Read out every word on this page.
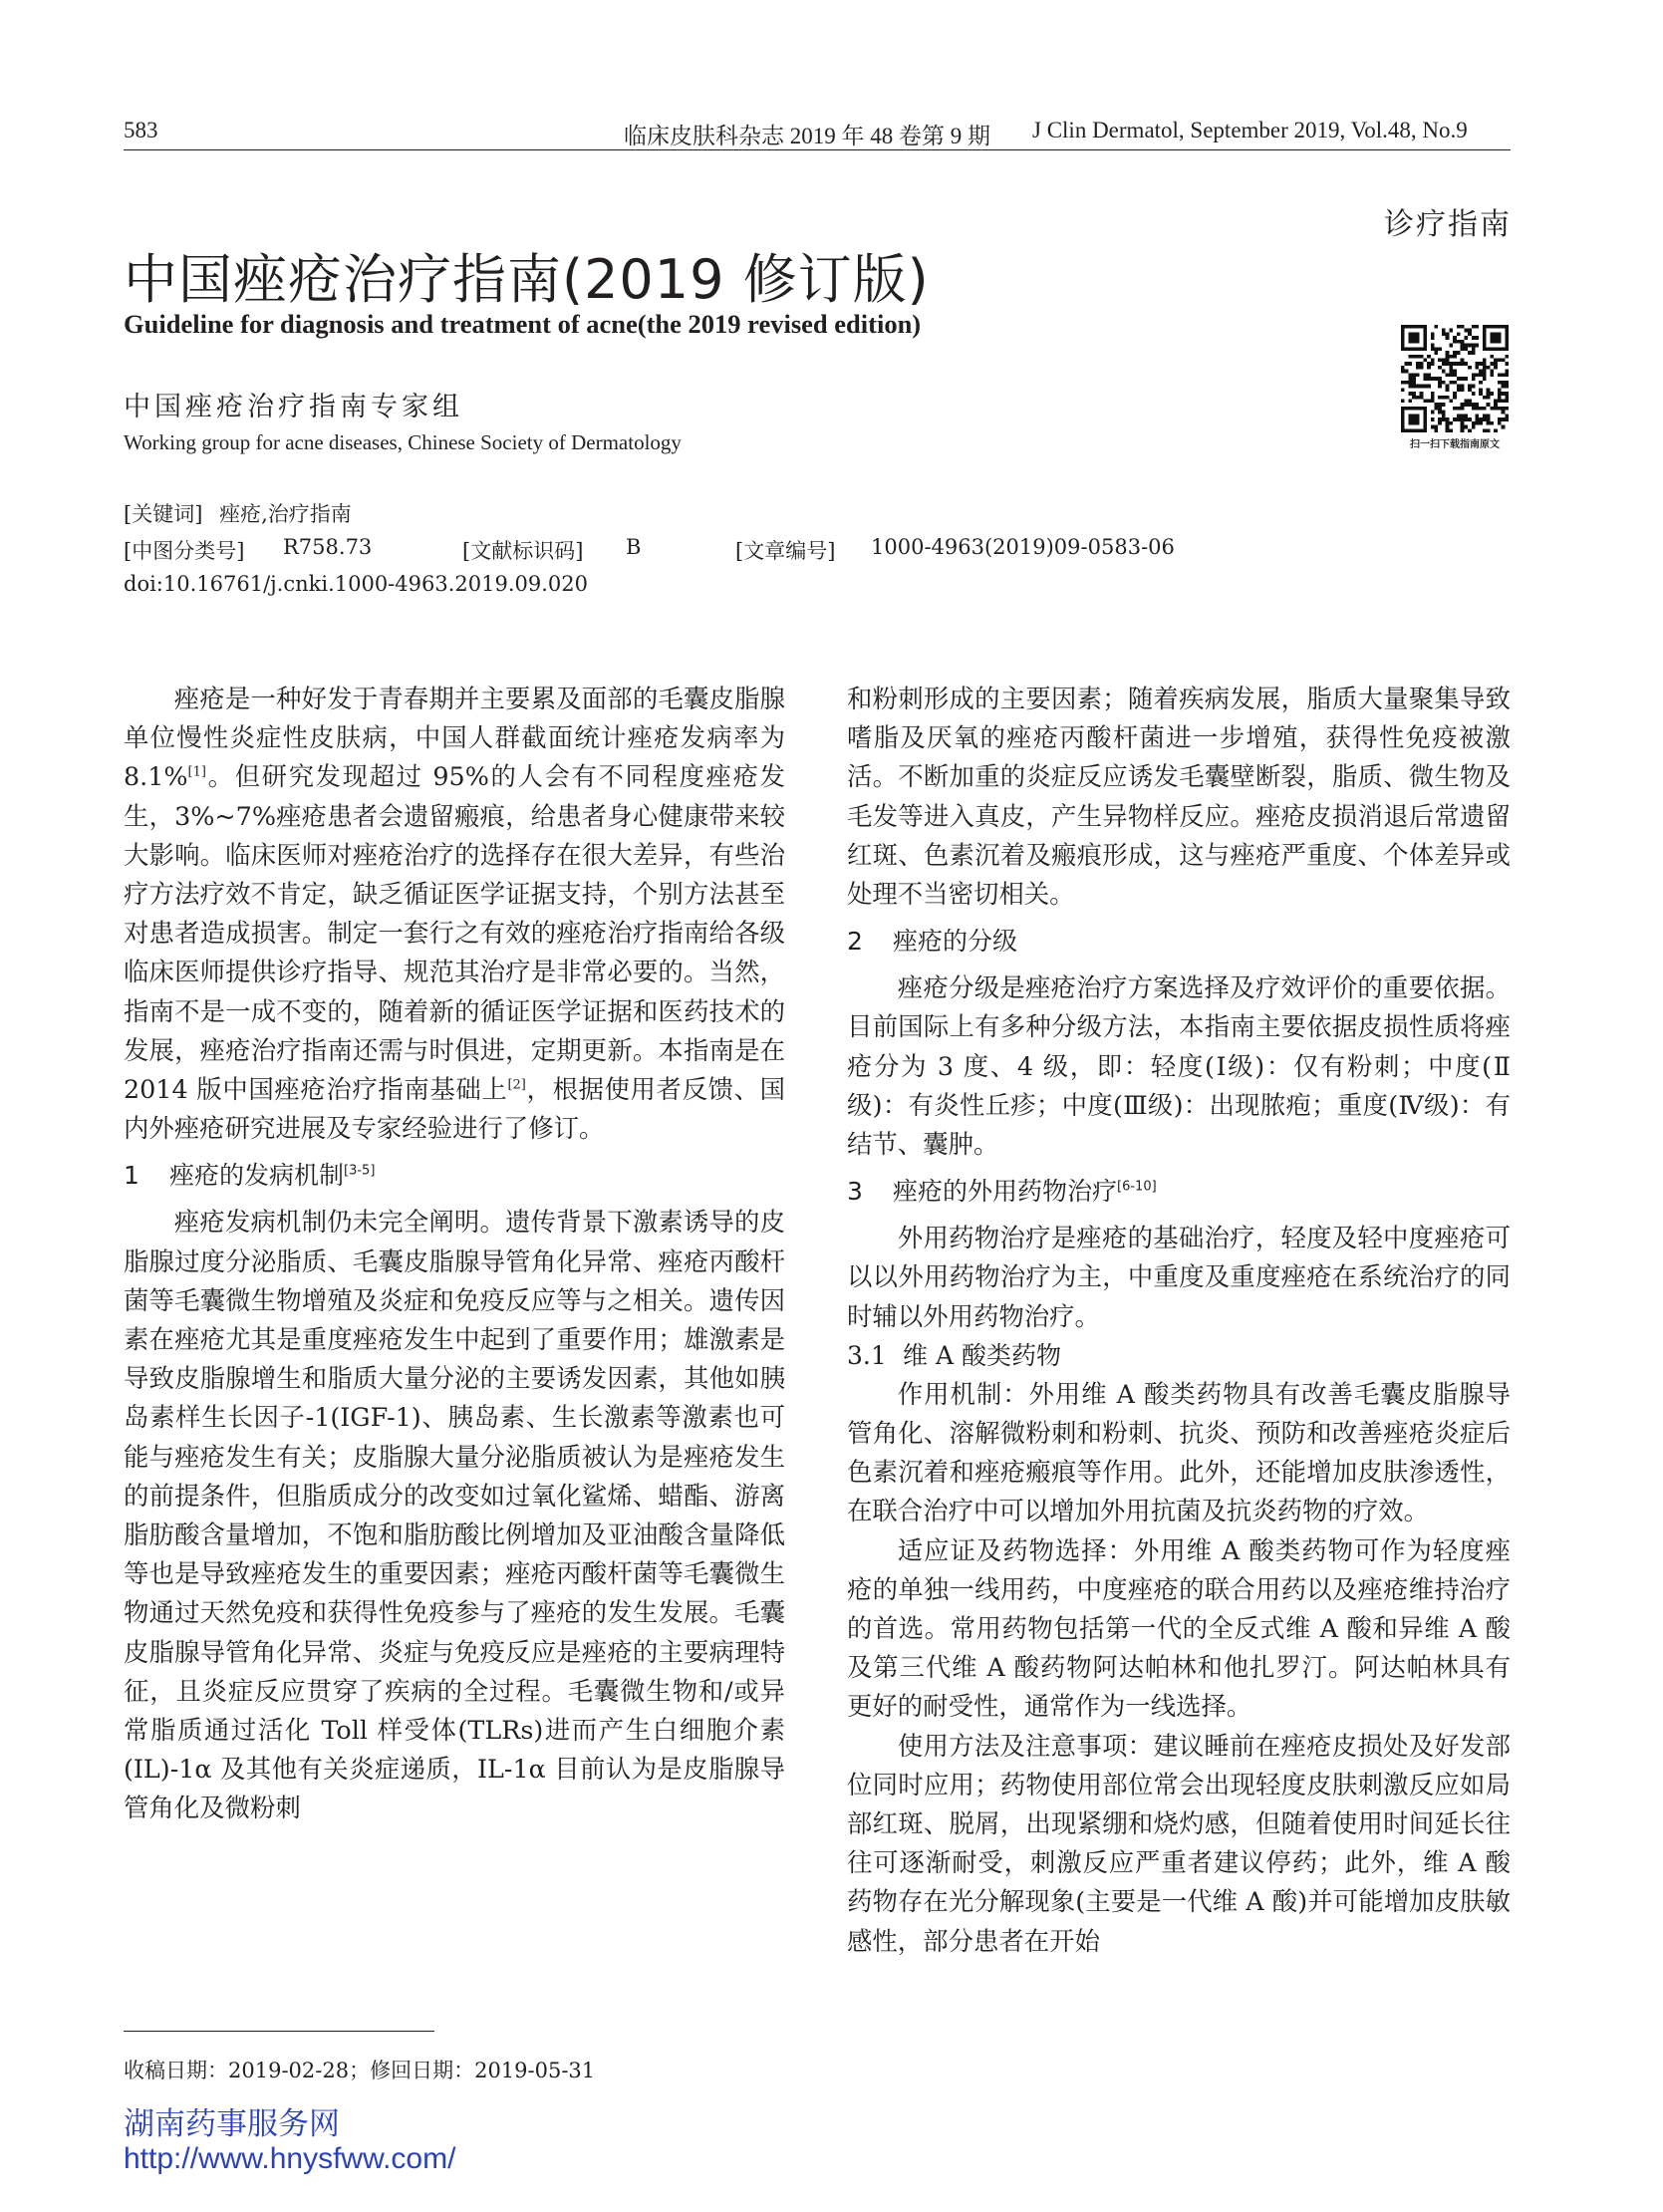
583	临床皮肤科杂志 2019 年 48 卷第 9 期 J Clin Dermatol, September 2019, Vol.48, No.9
诊疗指南
中国痤疮治疗指南(2019 修订版)
Guideline for diagnosis and treatment of acne(the 2019 revised edition)
中国痤疮治疗指南专家组
Working group for acne diseases, Chinese Society of Dermatology	扫一扫下载指南原文
[关键词] 痤疮,治疗指南
[中图分类号] R758.73	[文献标识码] B	[文章编号] 1000-4963(2019)09-0583-06
doi:10.16761/j.cnki.1000-4963.2019.09.020

痤疮是一种好发于青春期并主要累及面部的毛囊皮脂腺单位慢性炎症性皮肤病，中国人群截面统计痤疮发病率为 8.1%[1]。但研究发现超过 95%的人会有不同程度痤疮发生，3%~7%痤疮患者会遗留瘢痕，给患者身心健康带来较大影响。临床医师对痤疮治疗的选择存在很大差异，有些治疗方法疗效不肯定，缺乏循证医学证据支持，个别方法甚至对患者造成损害。制定一套行之有效的痤疮治疗指南给各级临床医师提供诊疗指导、规范其治疗是非常必要的。当然，指南不是一成不变的，随着新的循证医学证据和医药技术的发展，痤疮治疗指南还需与时俱进，定期更新。本指南是在 2014 版中国痤疮治疗指南基础上[2]，根据使用者反馈、国内外痤疮研究进展及专家经验进行了修订。

1 痤疮的发病机制[3-5]

痤疮发病机制仍未完全阐明。遗传背景下激素诱导的皮脂腺过度分泌脂质、毛囊皮脂腺导管角化异常、痤疮丙酸杆菌等毛囊微生物增殖及炎症和免疫反应等与之相关。遗传因素在痤疮尤其是重度痤疮发生中起到了重要作用；雄激素是导致皮脂腺增生和脂质大量分泌的主要诱发因素，其他如胰岛素样生长因子-1(IGF-1)、胰岛素、生长激素等激素也可能与痤疮发生有关；皮脂腺大量分泌脂质被认为是痤疮发生的前提条件，但脂质成分的改变如过氧化鲨烯、蜡酯、游离脂肪酸含量增加，不饱和脂肪酸比例增加及亚油酸含量降低等也是导致痤疮发生的重要因素；痤疮丙酸杆菌等毛囊微生物通过天然免疫和获得性免疫参与了痤疮的发生发展。毛囊皮脂腺导管角化异常、炎症与免疫反应是痤疮的主要病理特征，且炎症反应贯穿了疾病的全过程。毛囊微生物和/或异常脂质通过活化 Toll 样受体(TLRs)进而产生白细胞介素(IL)-1α 及其他有关炎症递质，IL-1α 目前认为是皮脂腺导管角化及微粉刺

和粉刺形成的主要因素；随着疾病发展，脂质大量聚集导致嗜脂及厌氧的痤疮丙酸杆菌进一步增殖，获得性免疫被激活。不断加重的炎症反应诱发毛囊壁断裂，脂质、微生物及毛发等进入真皮，产生异物样反应。痤疮皮损消退后常遗留红斑、色素沉着及瘢痕形成，这与痤疮严重度、个体差异或处理不当密切相关。

2 痤疮的分级

痤疮分级是痤疮治疗方案选择及疗效评价的重要依据。目前国际上有多种分级方法，本指南主要依据皮损性质将痤疮分为 3 度、4 级，即：轻度(Ⅰ级)：仅有粉刺；中度(Ⅱ级)：有炎性丘疹；中度(Ⅲ级)：出现脓疱；重度(Ⅳ级)：有结节、囊肿。

3 痤疮的外用药物治疗[6-10]

外用药物治疗是痤疮的基础治疗，轻度及轻中度痤疮可以以外用药物治疗为主，中重度及重度痤疮在系统治疗的同时辅以外用药物治疗。

3.1 维 A 酸类药物

作用机制：外用维 A 酸类药物具有改善毛囊皮脂腺导管角化、溶解微粉刺和粉刺、抗炎、预防和改善痤疮炎症后色素沉着和痤疮瘢痕等作用。此外，还能增加皮肤渗透性，在联合治疗中可以增加外用抗菌及抗炎药物的疗效。

适应证及药物选择：外用维 A 酸类药物可作为轻度痤疮的单独一线用药，中度痤疮的联合用药以及痤疮维持治疗的首选。常用药物包括第一代的全反式维 A 酸和异维 A 酸及第三代维 A 酸药物阿达帕林和他扎罗汀。阿达帕林具有更好的耐受性，通常作为一线选择。

使用方法及注意事项：建议睡前在痤疮皮损处及好发部位同时应用；药物使用部位常会出现轻度皮肤刺激反应如局部红斑、脱屑，出现紧绷和烧灼感，但随着使用时间延长往往可逐渐耐受，刺激反应严重者建议停药；此外，维 A 酸药物存在光分解现象(主要是一代维 A 酸)并可能增加皮肤敏感性，部分患者在开始

收稿日期：2019-02-28；修回日期：2019-05-31
湖南药事服务网
http://www.hnysfww.com/
